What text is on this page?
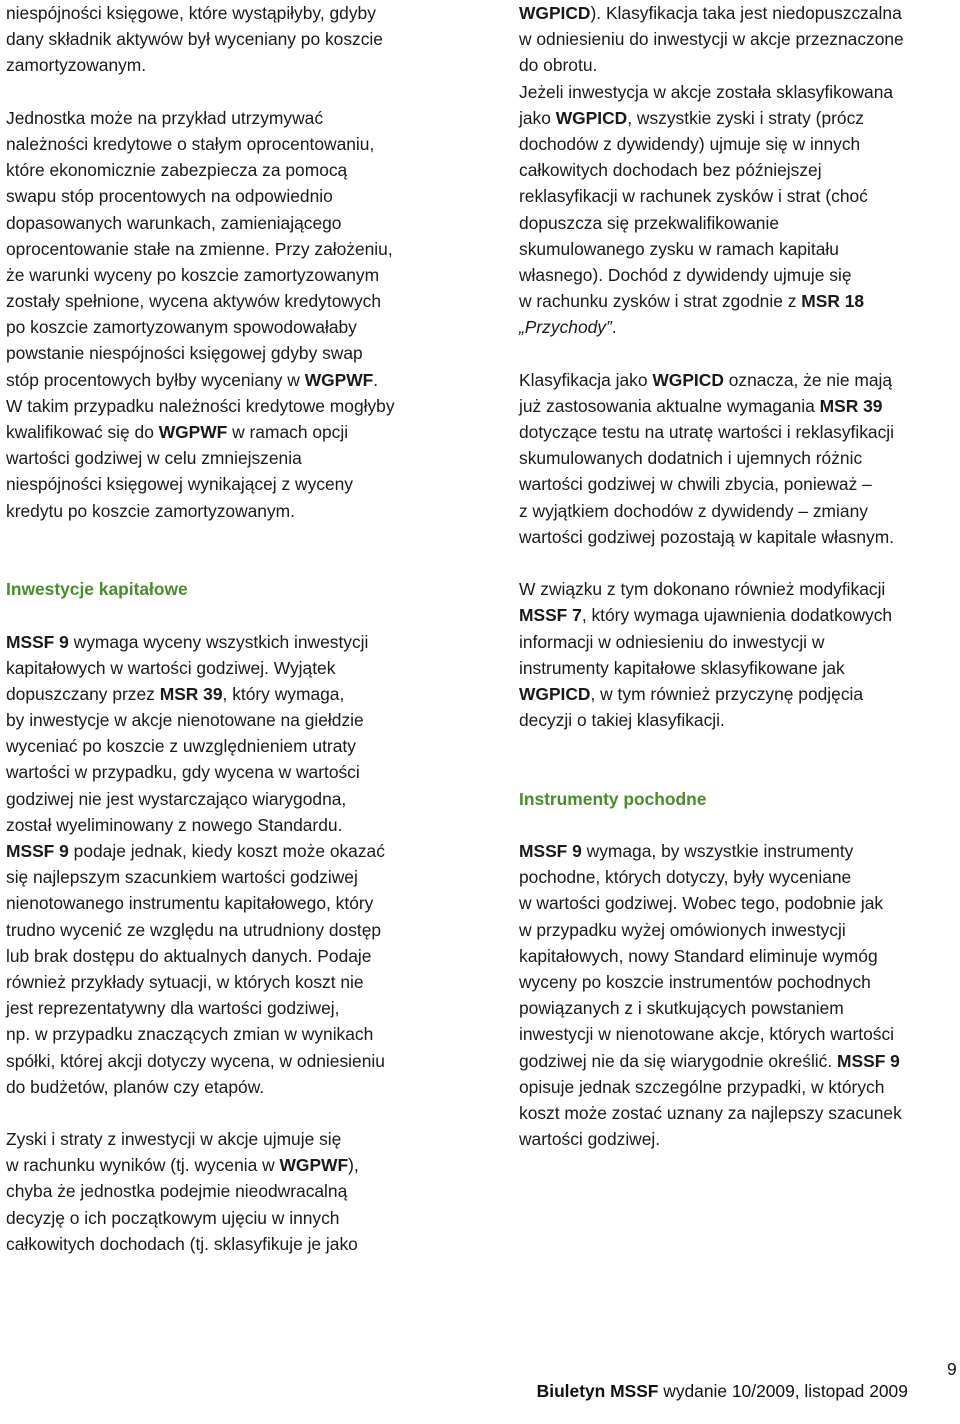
niespójności księgowe, które wystąpiłyby, gdyby
dany składnik aktywów był wyceniany po koszcie
zamortyzowanym.
Jednostka może na przykład utrzymywać
należności kredytowe o stałym oprocentowaniu,
które ekonomicznie zabezpiecza za pomocą
swapu stóp procentowych na odpowiednio
dopasowanych warunkach, zamieniającego
oprocentowanie stałe na zmienne. Przy założeniu,
że warunki wyceny po koszcie zamortyzowanym
zostały spełnione, wycena aktywów kredytowych
po koszcie zamortyzowanym spowodowałaby
powstanie niespójności księgowej gdyby swap
stóp procentowych byłby wyceniany w WGPWF.
W takim przypadku należności kredytowe mogłyby
kwalifikować się do WGPWF w ramach opcji
wartości godziwej w celu zmniejszenia
niespójności księgowej wynikającej z wyceny
kredytu po koszcie zamortyzowanym.
Inwestycje kapitałowe
MSSF 9 wymaga wyceny wszystkich inwestycji
kapitałowych w wartości godziwej. Wyjątek
dopuszczany przez MSR 39, który wymaga,
by inwestycje w akcje nienotowane na giełdzie
wyceniać po koszcie z uwzględnieniem utraty
wartości w przypadku, gdy wycena w wartości
godziwej nie jest wystarczająco wiarygodna,
został wyeliminowany z nowego Standardu.
MSSF 9 podaje jednak, kiedy koszt może okazać
się najlepszym szacunkiem wartości godziwej
nienotowanego instrumentu kapitałowego, który
trudno wycenić ze względu na utrudniony dostęp
lub brak dostępu do aktualnych danych. Podaje
również przykłady sytuacji, w których koszt nie
jest reprezentatywny dla wartości godziwej,
np. w przypadku znaczących zmian w wynikach
spółki, której akcji dotyczy wycena, w odniesieniu
do budżetów, planów czy etapów.
Zyski i straty z inwestycji w akcje ujmuje się
w rachunku wyników (tj. wycenia w WGPWF),
chyba że jednostka podejmie nieodwracalną
decyzję o ich początkowym ujęciu w innych
całkowitych dochodach (tj. sklasyfikuje je jako
WGPICD). Klasyfikacja taka jest niedopuszczalna
w odniesieniu do inwestycji w akcje przeznaczone
do obrotu.
Jeżeli inwestycja w akcje została sklasyfikowana
jako WGPICD, wszystkie zyski i straty (prócz
dochodów z dywidendy) ujmuje się w innych
całkowitych dochodach bez późniejszej
reklasyfikacji w rachunek zysków i strat (choć
dopuszcza się przekwalifikowanie
skumulowanego zysku w ramach kapitału
własnego). Dochód z dywidendy ujmuje się
w rachunku zysków i strat zgodnie z MSR 18
„Przychody”.
Klasyfikacja jako WGPICD oznacza, że nie mają
już zastosowania aktualne wymagania MSR 39
dotyczące testu na utratę wartości i reklasyfikacji
skumulowanych dodatnich i ujemnych różnic
wartości godziwej w chwili zbycia, ponieważ –
z wyjątkiem dochodów z dywidendy – zmiany
wartości godziwej pozostają w kapitale własnym.
W związku z tym dokonano również modyfikacji
MSSF 7, który wymaga ujawnienia dodatkowych
informacji w odniesieniu do inwestycji w
instrumenty kapitałowe sklasyfikowane jak
WGPICD, w tym również przyczynę podjęcia
decyzji o takiej klasyfikacji.
Instrumenty pochodne
MSSF 9 wymaga, by wszystkie instrumenty
pochodne, których dotyczy, były wyceniane
w wartości godziwej. Wobec tego, podobnie jak
w przypadku wyżej omówionych inwestycji
kapitałowych, nowy Standard eliminuje wymóg
wyceny po koszcie instrumentów pochodnych
powiązanych z i skutkujących powstaniem
inwestycji w nienotowane akcje, których wartości
godziwej nie da się wiarygodnie określić. MSSF 9
opisuje jednak szczególne przypadki, w których
koszt może zostać uznany za najlepszy szacunek
wartości godziwej.

Biuletyn MSSF wydanie 10/2009, listopad 2009

9
